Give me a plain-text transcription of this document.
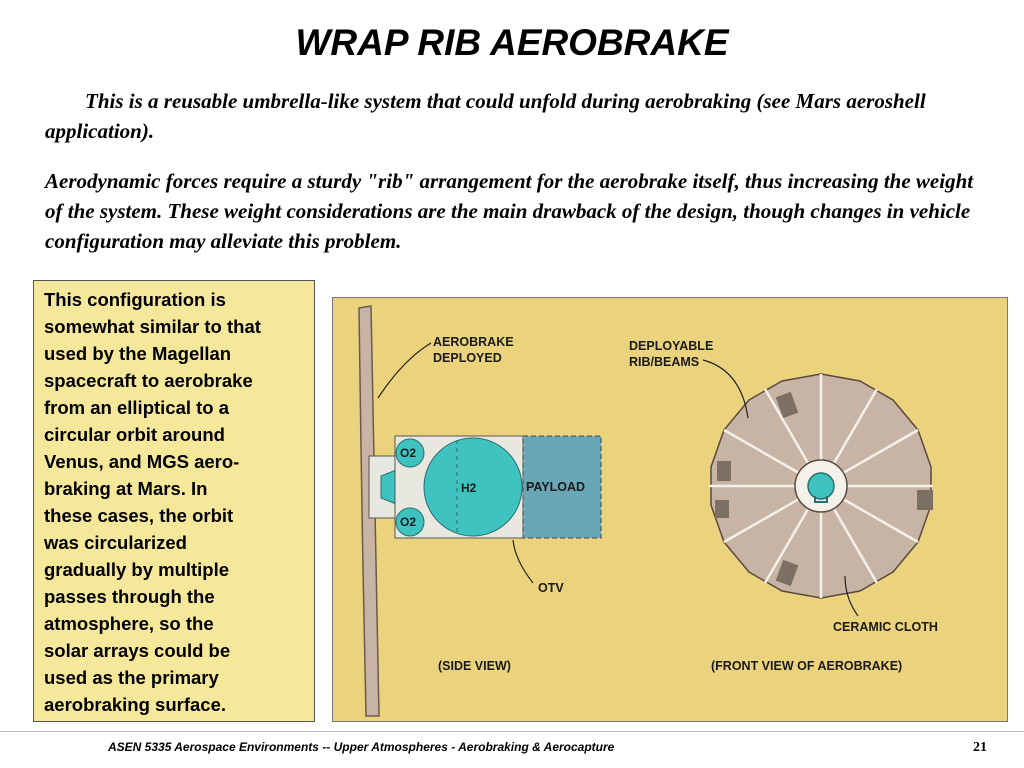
WRAP RIB AEROBRAKE

This is a reusable umbrella-like system that could unfold during aerobraking (see Mars aeroshell application).

Aerodynamic forces require a sturdy "rib" arrangement for the aerobrake itself, thus increasing the weight of the system. These weight considerations are the main drawback of the design, though changes in vehicle configuration may alleviate this problem.

This configuration is
somewhat similar to that
used by the Magellan
spacecraft to aerobrake
from an elliptical to a
circular orbit around
Venus, and MGS aero-
braking at Mars. In
these cases, the orbit
was circularized
gradually by multiple
passes through the
atmosphere, so the
solar arrays could be
used as the primary
aerobraking surface.

O2
O2
H2	PAYLOAD
AEROBRAKE
DEPLOYED
OTV
(SIDE VIEW)
DEPLOYABLE
RIB/BEAMS
CERAMIC CLOTH
(FRONT VIEW OF AEROBRAKE)
ASEN 5335 Aerospace Environments -- Upper Atmospheres - Aerobraking & Aerocapture	21
